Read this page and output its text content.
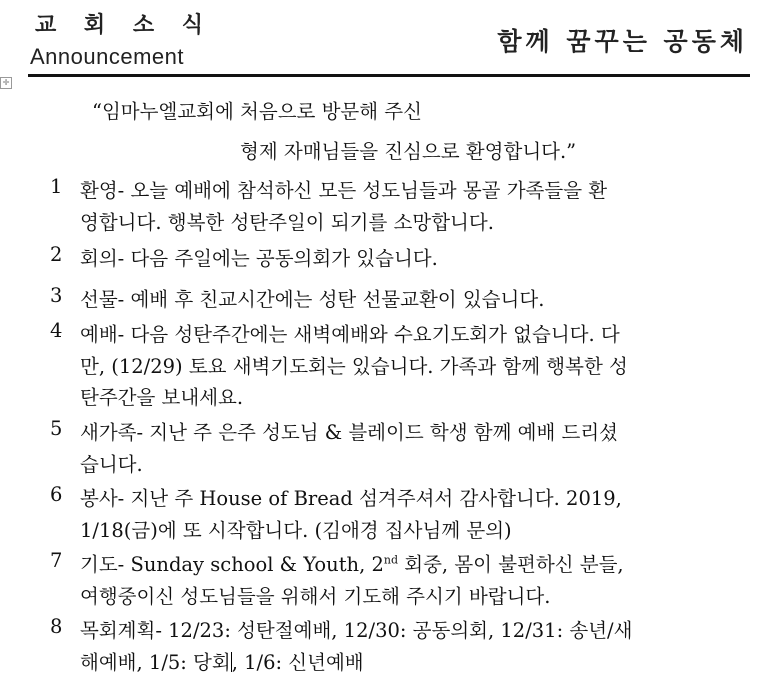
교 회 소 식
Announcement
함께 꿈꾸는 공동체
✛
“임마누엘교회에 처음으로 방문해 주신
형제 자매님들을 진심으로 환영합니다.”
1 환영- 오늘 예배에 참석하신 모든 성도님들과 몽골 가족들을 환
영합니다. 행복한 성탄주일이 되기를 소망합니다.
2 회의- 다음 주일에는 공동의회가 있습니다.
3 선물- 예배 후 친교시간에는 성탄 선물교환이 있습니다.
4 예배- 다음 성탄주간에는 새벽예배와 수요기도회가 없습니다. 다
만, (12/29) 토요 새벽기도회는 있습니다. 가족과 함께 행복한 성
탄주간을 보내세요.
5 새가족- 지난 주 은주 성도님 & 블레이드 학생 함께 예배 드리셨
습니다.
6 봉사- 지난 주 House of Bread 섬겨주셔서 감사합니다. 2019,
1/18(금)에 또 시작합니다. (김애경 집사님께 문의)
7 기도- Sunday school & Youth, 2nd 회중, 몸이 불편하신 분들,
여행중이신 성도님들을 위해서 기도해 주시기 바랍니다.
8 목회계획- 12/23: 성탄절예배, 12/30: 공동의회, 12/31: 송년/새
해예배, 1/5: 당회, 1/6: 신년예배
